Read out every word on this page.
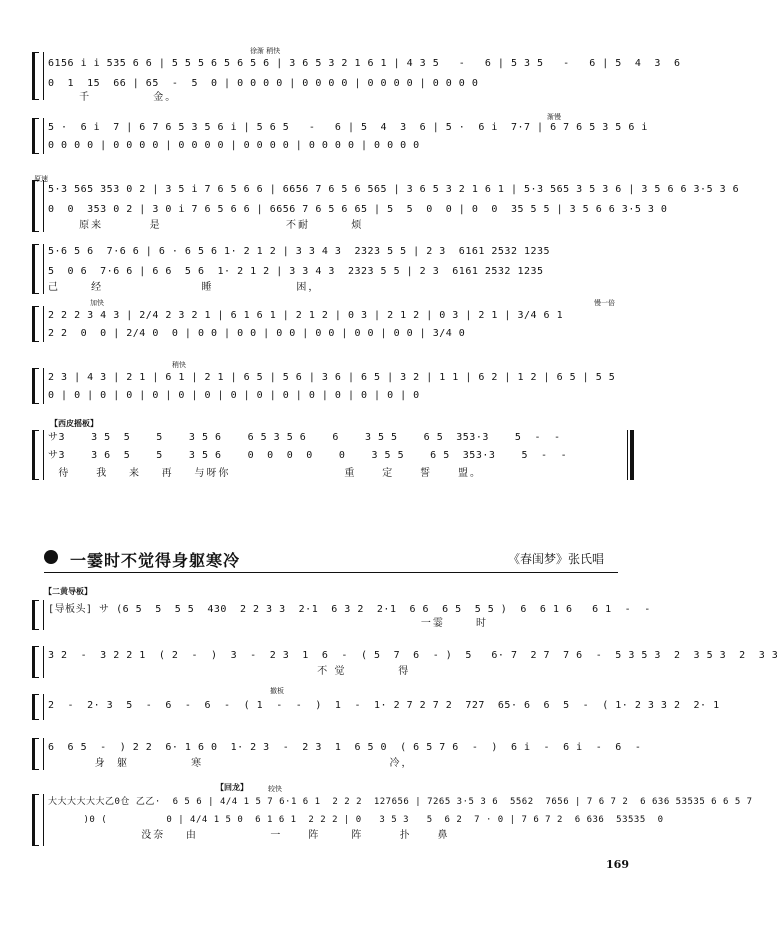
徐渐 稍快
6156 i i 535 6 6 | 5 5 5 6 5 6 5 6 | 3 6 5 3 2 1 6 1 | 4 3 5   -   6 | 5 3 5   -   6 | 5  4  3  6
0  1  15  66 | 65  -  5  0 | 0 0 0 0 | 0 0 0 0 | 0 0 0 0 | 0 0 0 0
千            金。
渐慢
5 ·  6 i  7 | 6 7 6 5 3 5 6 i | 5 6 5   -   6 | 5  4  3  6 | 5 ·  6 i  7·7 | 6 7 6 5 3 5 6 i
0 0 0 0 | 0 0 0 0 | 0 0 0 0 | 0 0 0 0 | 0 0 0 0 | 0 0 0 0
原速
5·3 565 353 0 2 | 3 5 i 7 6 5 6 6 | 6656 7 6 5 6 565 | 3 6 5 3 2 1 6 1 | 5·3 565 3 5 3 6 | 3 5 6 6 3·5 3 6
0  0  353 0 2 | 3 0 i 7 6 5 6 6 | 6656 7 6 5 6 65 | 5  5  0  0 | 0  0  35 5 5 | 3 5 6 6 3·5 3 0
原来         是                        不耐        烦
5·6 5 6  7·6 6 | 6 · 6 5 6 1· 2 1 2 | 3 3 4 3  2323 5 5 | 2 3  6161 2532 1235
5  0 6  7·6 6 | 6 6  5 6  1· 2 1 2 | 3 3 4 3  2323 5 5 | 2 3  6161 2532 1235
己      经                   睡                困，
加快	慢一倍
2 2 2 3 4 3 | 2/4 2 3 2 1 | 6 1 6 1 | 2 1 2 | 0 3 | 2 1 2 | 0 3 | 2 1 | 3/4 6 1
2 2  0  0 | 2/4 0  0 | 0 0 | 0 0 | 0 0 | 0 0 | 0 0 | 0 0 | 3/4 0
稍快
2 3 | 4 3 | 2 1 | 6 1 | 2 1 | 6 5 | 5 6 | 3 6 | 6 5 | 3 2 | 1 1 | 6 2 | 1 2 | 6 5 | 5 5
0 | 0 | 0 | 0 | 0 | 0 | 0 | 0 | 0 | 0 | 0 | 0 | 0 | 0 | 0
【西皮摇板】
サ3    3 5  5    5    3 5 6    6 5 3 5 6    6    3 5 5    6 5  353·3    5  -  -
サ3    3 6  5    5    3 5 6    0  0  0  0    0    3 5 5    6 5  353·3    5  -  -
待     我    来    再    与呀你                      重     定     誓     盟。
一霎时不觉得身躯寒冷	《春闺梦》张氏唱
【二黄导板】
[导板头] サ (6 5  5  5 5  430  2 2 3 3  2·1  6 3 2  2·1  6 6  6 5  5 5 )  6  6 1 6   6 1  -  -
一霎      时
3 2  -  3 2 2 1  ( 2  -  )  3  -  2 3  1  6  -  ( 5  7  6  - )  5   6· 7  2 7  7 6  -  5 3 5 3  2  3 5 3  2  3 3
不 觉          得
撤板
2  -  2· 3  5  -  6  -  6  -  ( 1  -  -  )  1  -  1· 2 7 2 7 2  727  65· 6  6  5  -  ( 1· 2 3 3 2  2· 1
6  6 5  -  ) 2 2  6· 1 6 0  1· 2 3  -  2 3  1  6 5 0  ( 6 5 7 6  -  )  6 i  -  6 i  -  6  -
身  躯            寒                                    冷，
【回龙】	较快
大大大大大大乙0仓 乙乙·  6 5 6 | 4/4 1 5 7 6·1 6 1  2 2 2  127656 | 7265 3·5 3 6  5562  7656 | 7 6 7 2  6 636 53535 6 6 5 7
)0 (          0 | 4/4 1 5 0  6 1 6 1  2 2 2 | 0   3 5 3   5  6 2  7 · 0 | 7 6 7 2  6 636  53535  0
没奈    由              一     阵      阵       扑     鼻
169
